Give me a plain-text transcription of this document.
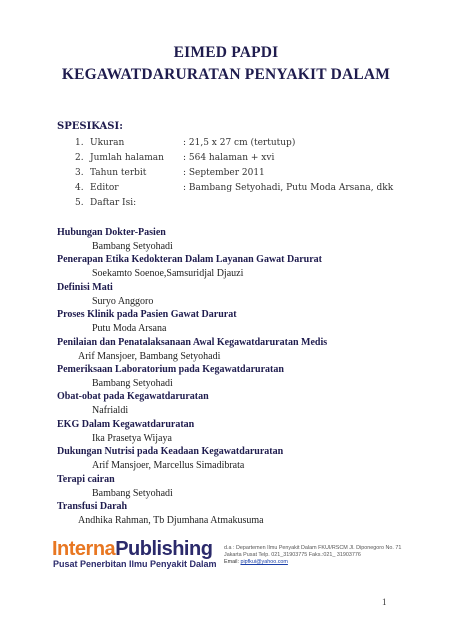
EIMED PAPDI
KEGAWATDARURATAN PENYAKIT DALAM
SPESIKASI:
1. Ukuran	: 21,5 x 27 cm (tertutup)
2. Jumlah halaman : 564 halaman + xvi
3. Tahun terbit	: September 2011
4. Editor	: Bambang Setyohadi, Putu Moda Arsana, dkk
5. Daftar Isi:
Hubungan Dokter-Pasien
Bambang Setyohadi
Penerapan Etika Kedokteran Dalam Layanan Gawat Darurat
Soekamto Soenoe,Samsuridjal Djauzi
Definisi Mati
Suryo Anggoro
Proses Klinik pada Pasien Gawat Darurat
Putu Moda Arsana
Penilaian dan Penatalaksanaan Awal Kegawatdaruratan Medis
Arif Mansjoer, Bambang Setyohadi
Pemeriksaan Laboratorium pada Kegawatdaruratan
Bambang Setyohadi
Obat-obat pada Kegawatdaruratan
Nafrialdi
EKG Dalam Kegawatdaruratan
Ika Prasetya Wijaya
Dukungan Nutrisi pada Keadaan Kegawatdaruratan
Arif Mansjoer, Marcellus Simadibrata
Terapi cairan
Bambang Setyohadi
Transfusi Darah
Andhika Rahman, Tb Djumhana Atmakusuma
InternaPublishing
Pusat Penerbitan Ilmu Penyakit Dalam
d.a : Departemen Ilmu Penyakit Dalam FKUI/RSCM Jl. Diponegoro No. 71
Jakarta Pusat Telp. 021_31903775 Faks.:021_ 31903776
Email: pipfkui@yahoo.com
1
